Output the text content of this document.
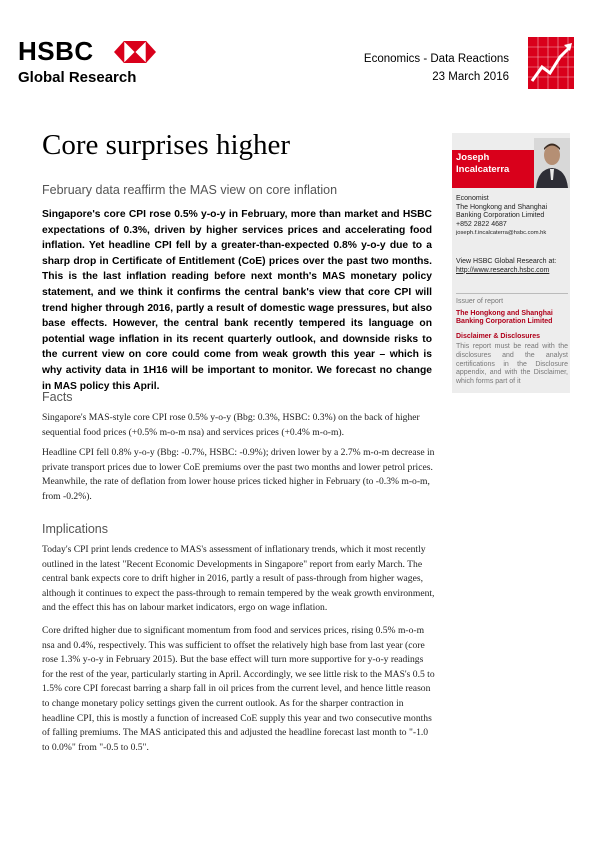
HSBC
Global Research
Economics - Data Reactions
23 March 2016
Core surprises higher
February data reaffirm the MAS view on core inflation
Singapore's core CPI rose 0.5% y-o-y in February, more than market and HSBC expectations of 0.3%, driven by higher services prices and accelerating food inflation. Yet headline CPI fell by a greater-than-expected 0.8% y-o-y due to a sharp drop in Certificate of Entitlement (CoE) prices over the past two months. This is the last inflation reading before next month's MAS monetary policy statement, and we think it confirms the central bank's view that core CPI will trend higher through 2016, partly a result of domestic wage pressures, but also base effects. However, the central bank recently tempered its language on potential wage inflation in its recent quarterly outlook, and downside risks to the current view on core could come from weak growth this year – which is why activity data in 1H16 will be important to monitor. We forecast no change in MAS policy this April.
Facts
Singapore's MAS-style core CPI rose 0.5% y-o-y (Bbg: 0.3%, HSBC: 0.3%) on the back of higher sequential food prices (+0.5% m-o-m nsa) and services prices (+0.4% m-o-m).
Headline CPI fell 0.8% y-o-y (Bbg: -0.7%, HSBC: -0.9%); driven lower by a 2.7% m-o-m decrease in private transport prices due to lower CoE premiums over the past two months and lower petrol prices. Meanwhile, the rate of deflation from lower house prices ticked higher in February (to -0.3% m-o-m, from -0.2%).
Implications
Today's CPI print lends credence to MAS's assessment of inflationary trends, which it most recently outlined in the latest "Recent Economic Developments in Singapore" report from early March. The central bank expects core to drift higher in 2016, partly a result of pass-through from higher wages, although it continues to expect the pass-through to remain tempered by the weak growth environment, and the effect this has on labour market indicators, ergo on wage inflation.
Core drifted higher due to significant momentum from food and services prices, rising 0.5% m-o-m nsa and 0.4%, respectively. This was sufficient to offset the relatively high base from last year (core rose 1.3% y-o-y in February 2015). But the base effect will turn more supportive for y-o-y readings for the rest of the year, particularly starting in April. Accordingly, we see little risk to the MAS's 0.5 to 1.5% core CPI forecast barring a sharp fall in oil prices from the current level, and hence little reason to change monetary policy settings given the current outlook. As for the sharper contraction in headline CPI, this is mostly a function of increased CoE supply this year and two consecutive months of falling premiums. The MAS anticipated this and adjusted the headline forecast last month to "-1.0 to 0.0%" from "-0.5 to 0.5".
Joseph
Incalcaterra
Economist
The Hongkong and Shanghai Banking Corporation Limited
+852 2822 4687
joseph.f.incalcaterra@hsbc.com.hk
View HSBC Global Research at:
http://www.research.hsbc.com
Issuer of report
The Hongkong and Shanghai Banking Corporation Limited
Disclaimer & Disclosures
This report must be read with the disclosures and the analyst certifications in the Disclosure appendix, and with the Disclaimer, which forms part of it
